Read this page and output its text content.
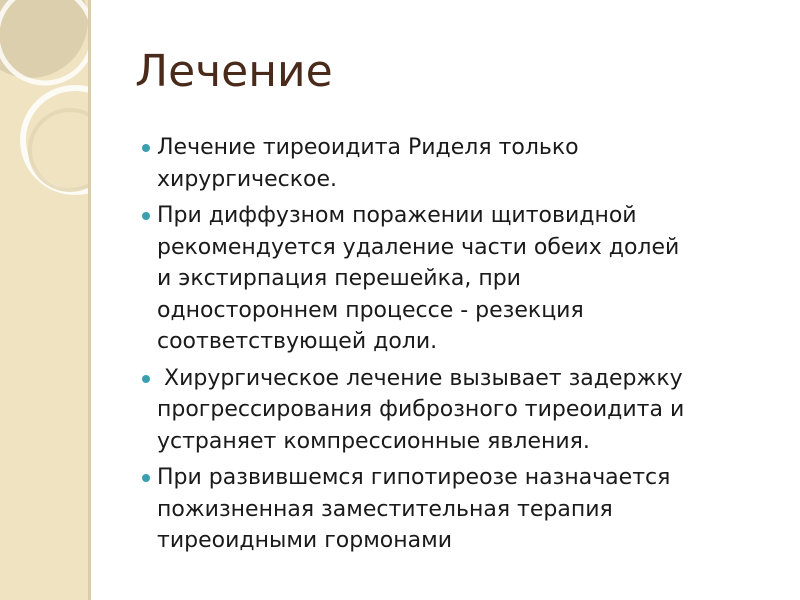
Лечение
Лечение тиреоидита Риделя только
хирургическое.
При диффузном поражении щитовидной
рекомендуется удаление части обеих долей
и экстирпация перешейка, при
одностороннем процессе - резекция
соответствующей доли.
Хирургическое лечение вызывает задержку
прогрессирования фиброзного тиреоидита и
устраняет компрессионные явления.
При развившемся гипотиреозе назначается
пожизненная заместительная терапия
тиреоидными гормонами
